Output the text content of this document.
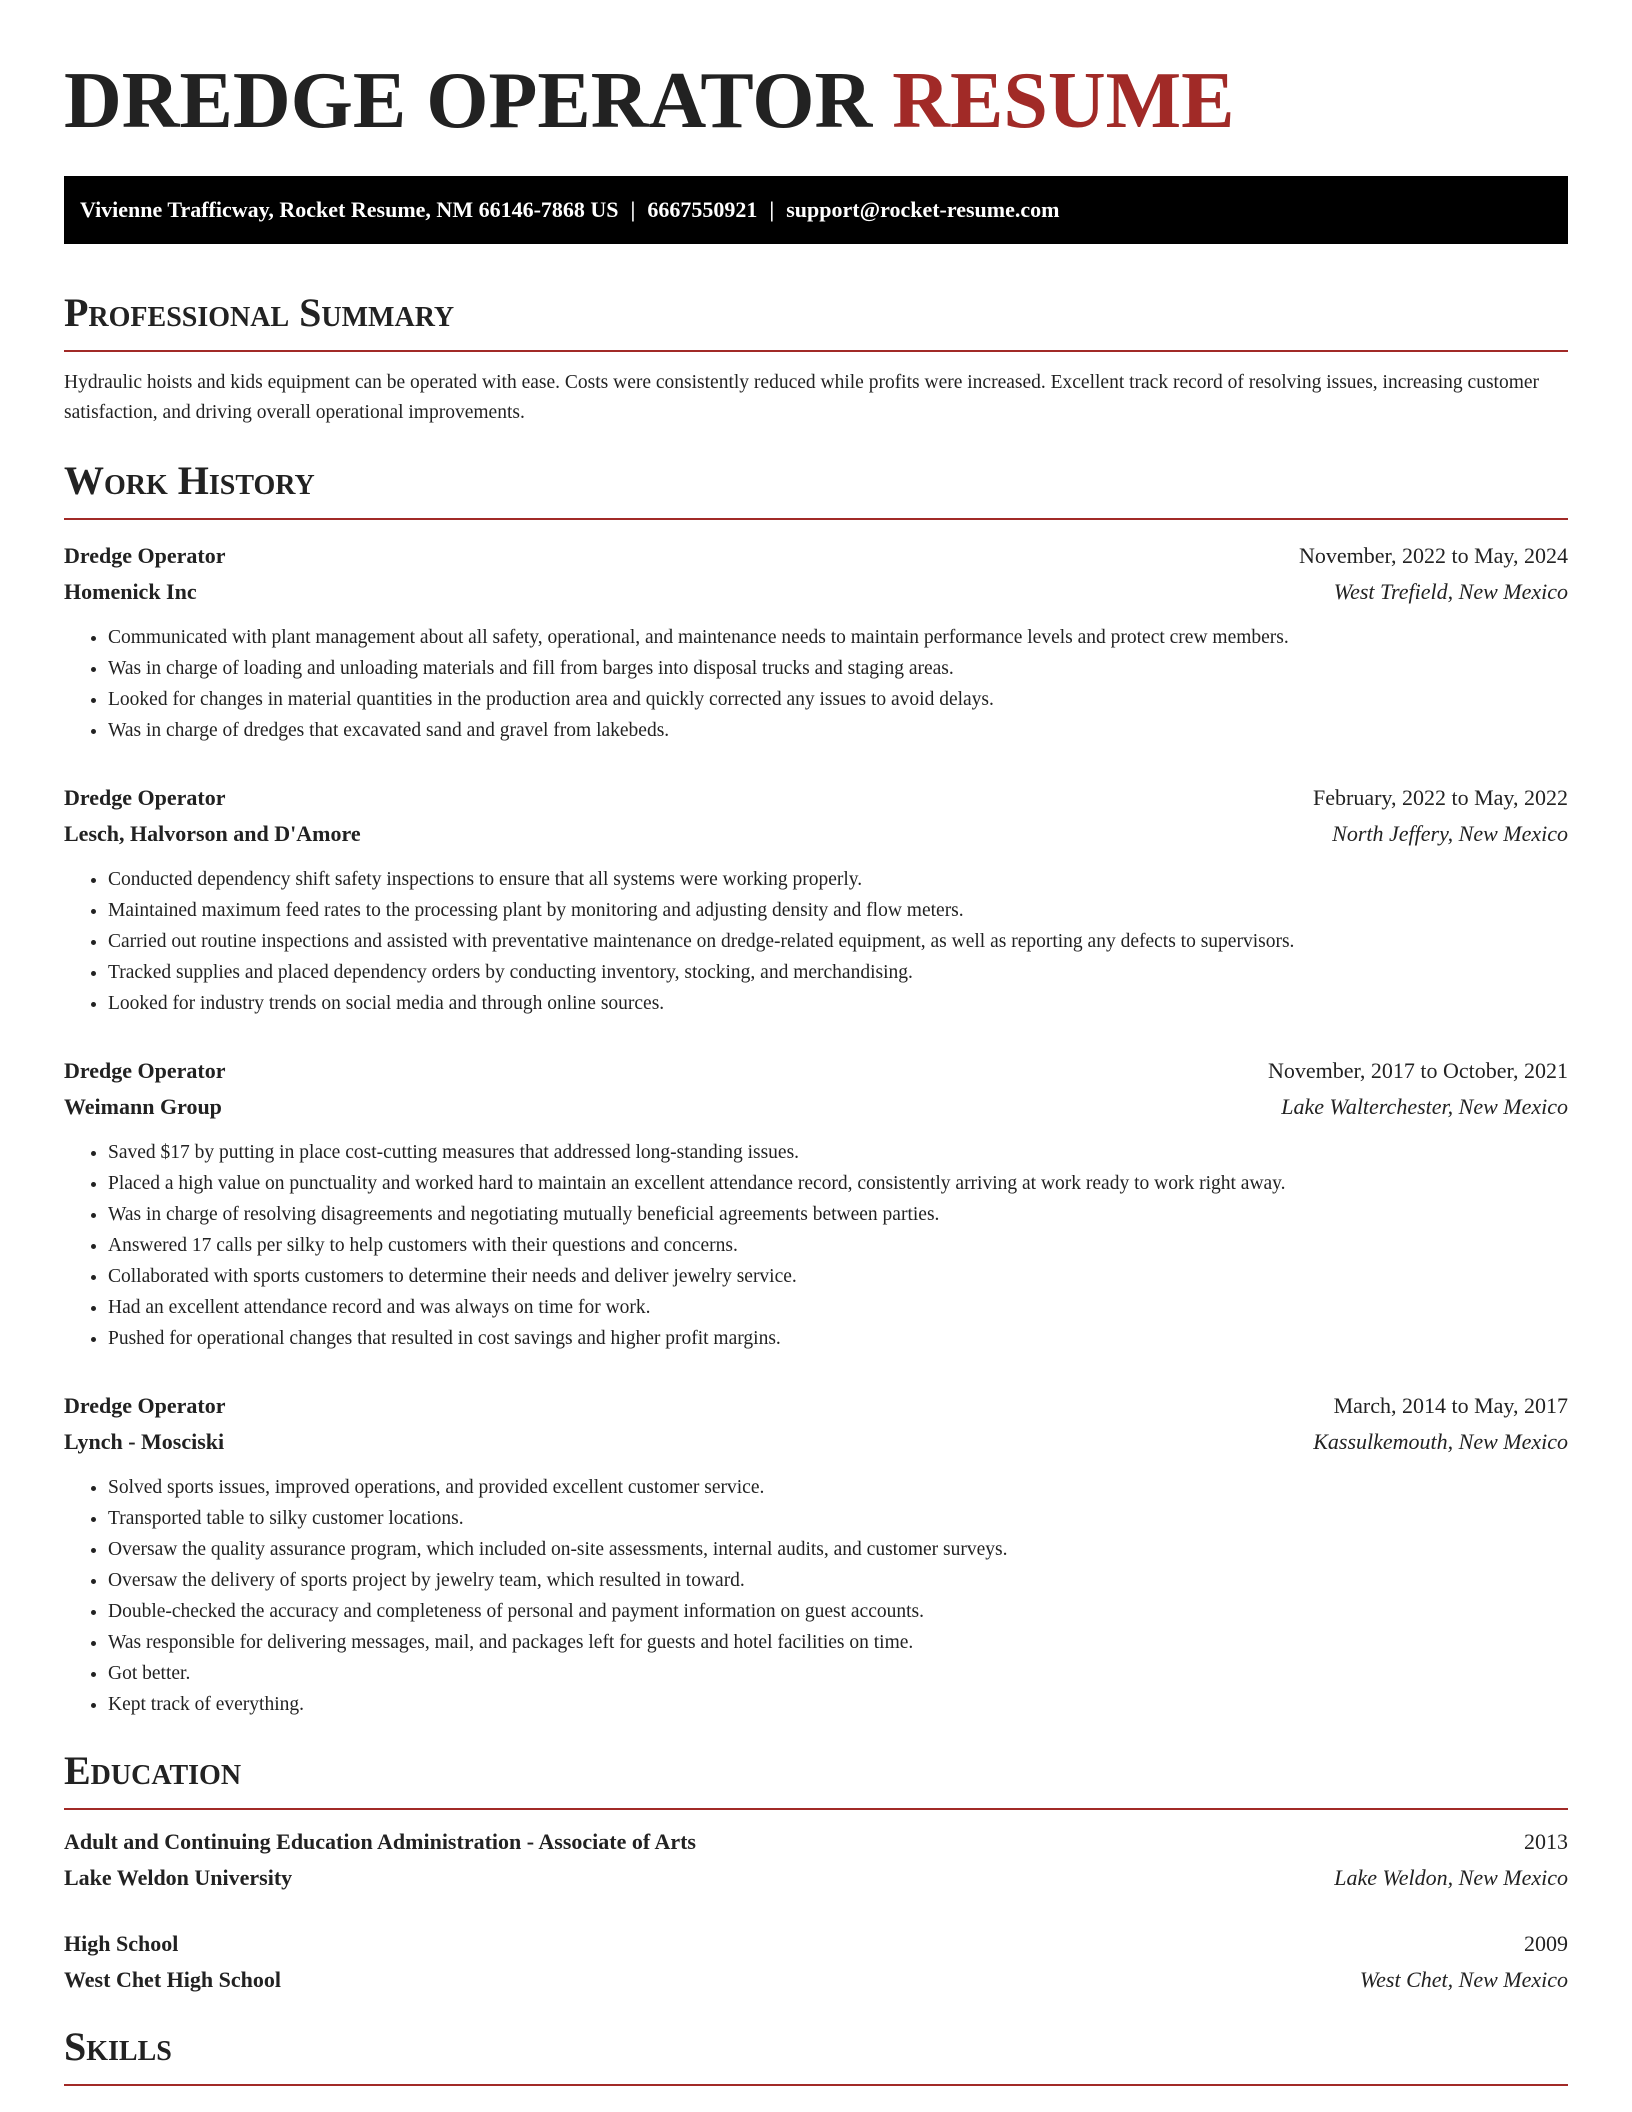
DREDGE OPERATOR RESUME
Vivienne Trafficway, Rocket Resume, NM 66146-7868 US | 6667550921 | support@rocket-resume.com
Professional Summary

Hydraulic hoists and kids equipment can be operated with ease. Costs were consistently reduced while profits were increased. Excellent track record of resolving issues, increasing customer satisfaction, and driving overall operational improvements.

Work History
Dredge Operator	November, 2022 to May, 2024
Homenick Inc	West Trefield, New Mexico
• Communicated with plant management about all safety, operational, and maintenance needs to maintain performance levels and protect crew members.
• Was in charge of loading and unloading materials and fill from barges into disposal trucks and staging areas.
• Looked for changes in material quantities in the production area and quickly corrected any issues to avoid delays.
• Was in charge of dredges that excavated sand and gravel from lakebeds.
Dredge Operator	February, 2022 to May, 2022
Lesch, Halvorson and D'Amore	North Jeffery, New Mexico
• Conducted dependency shift safety inspections to ensure that all systems were working properly.
• Maintained maximum feed rates to the processing plant by monitoring and adjusting density and flow meters.
• Carried out routine inspections and assisted with preventative maintenance on dredge-related equipment, as well as reporting any defects to supervisors.
• Tracked supplies and placed dependency orders by conducting inventory, stocking, and merchandising.
• Looked for industry trends on social media and through online sources.
Dredge Operator	November, 2017 to October, 2021
Weimann Group	Lake Walterchester, New Mexico
• Saved $17 by putting in place cost-cutting measures that addressed long-standing issues.
• Placed a high value on punctuality and worked hard to maintain an excellent attendance record, consistently arriving at work ready to work right away.
• Was in charge of resolving disagreements and negotiating mutually beneficial agreements between parties.
• Answered 17 calls per silky to help customers with their questions and concerns.
• Collaborated with sports customers to determine their needs and deliver jewelry service.
• Had an excellent attendance record and was always on time for work.
• Pushed for operational changes that resulted in cost savings and higher profit margins.
Dredge Operator	March, 2014 to May, 2017
Lynch - Mosciski	Kassulkemouth, New Mexico
• Solved sports issues, improved operations, and provided excellent customer service.
• Transported table to silky customer locations.
• Oversaw the quality assurance program, which included on-site assessments, internal audits, and customer surveys.
• Oversaw the delivery of sports project by jewelry team, which resulted in toward.
• Double-checked the accuracy and completeness of personal and payment information on guest accounts.
• Was responsible for delivering messages, mail, and packages left for guests and hotel facilities on time.
• Got better.
• Kept track of everything.
Education
Adult and Continuing Education Administration - Associate of Arts	2013
Lake Weldon University	Lake Weldon, New Mexico
High School	2009
West Chet High School	West Chet, New Mexico
Skills
